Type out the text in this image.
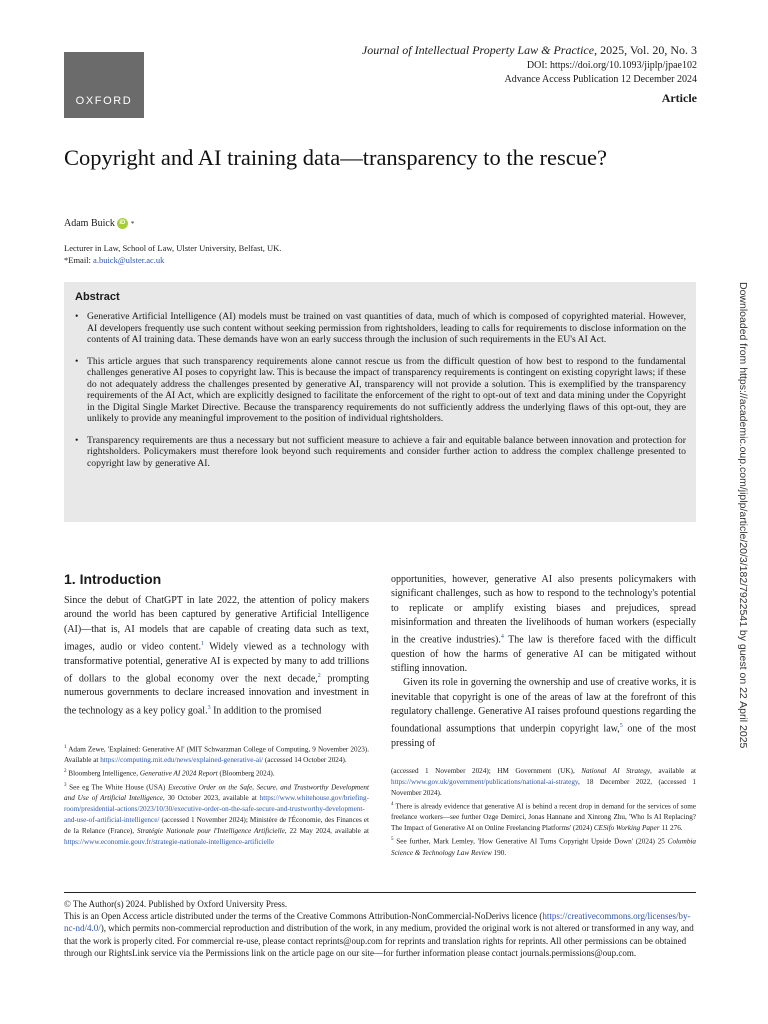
OXFORD
Journal of Intellectual Property Law & Practice, 2025, Vol. 20, No. 3
DOI: https://doi.org/10.1093/jiplp/jpae102
Advance Access Publication 12 December 2024
Article
Copyright and AI training data—transparency to the rescue?
Adam Buick iD *
Lecturer in Law, School of Law, Ulster University, Belfast, UK.
*Email: a.buick@ulster.ac.uk
Abstract
• Generative Artificial Intelligence (AI) models must be trained on vast quantities of data, much of which is composed of copyrighted material. However, AI developers frequently use such content without seeking permission from rightsholders, leading to calls for requirements to disclose information on the contents of AI training data. These demands have won an early success through the inclusion of such requirements in the EU's AI Act.
• This article argues that such transparency requirements alone cannot rescue us from the difficult question of how best to respond to the fundamental challenges generative AI poses to copyright law. This is because the impact of transparency requirements is contingent on existing copyright laws; if these do not adequately address the challenges presented by generative AI, transparency will not provide a solution. This is exemplified by the transparency requirements of the AI Act, which are explicitly designed to facilitate the enforcement of the right to opt-out of text and data mining under the Copyright in the Digital Single Market Directive. Because the transparency requirements do not sufficiently address the underlying flaws of this opt-out, they are unlikely to provide any meaningful improvement to the position of individual rightsholders.
• Transparency requirements are thus a necessary but not sufficient measure to achieve a fair and equitable balance between innovation and protection for rightsholders. Policymakers must therefore look beyond such requirements and consider further action to address the complex challenge presented to copyright law by generative AI.
1. Introduction

Since the debut of ChatGPT in late 2022, the attention of policy makers around the world has been captured by generative Artificial Intelligence (AI)—that is, AI models that are capable of creating data such as text, images, audio or video content.$^1$ Widely viewed as a technology with transformative potential, generative AI is expected by many to add trillions of dollars to the global economy over the next decade,$^2$ prompting numerous governments to declare increased innovation and investment in the technology as a key policy goal.$^3$ In addition to the promised

opportunities, however, generative AI also presents policymakers with significant challenges, such as how to respond to the technology's potential to replicate or amplify existing biases and prejudices, spread misinformation and threaten the livelihoods of human workers (especially in the creative industries).$^4$ The law is therefore faced with the difficult question of how the harms of generative AI can be mitigated without stifling innovation.

Given its role in governing the ownership and use of creative works, it is inevitable that copyright is one of the areas of law at the forefront of this regulatory challenge. Generative AI raises profound questions regarding the foundational assumptions that underpin copyright law,$^5$ one of the most pressing of

$^1$ Adam Zewe, 'Explained: Generative AI' (MIT Schwarzman College of Computing, 9 November 2023). Available at https://computing.mit.edu/news/explained-generative-ai/ (accessed 14 October 2024).

$^2$ Bloomberg Intelligence, Generative AI 2024 Report (Bloomberg 2024).

$^3$ See eg The White House (USA) Executive Order on the Safe, Secure, and Trustworthy Development and Use of Artificial Intelligence, 30 October 2023, available at https://www.whitehouse.gov/briefing-room/presidential-actions/2023/10/30/executive-order-on-the-safe-secure-and-trustworthy-development-and-use-of-artificial-intelligence/ (accessed 1 November 2024); Ministère de l'Économie, des Finances et de la Relance (France), Stratégie Nationale pour l'Intelligence Artificielle, 22 May 2024, available at https://www.economie.gouv.fr/strategie-nationale-intelligence-artificielle

(accessed 1 November 2024); HM Government (UK), National AI Strategy, available at https://www.gov.uk/government/publications/national-ai-strategy, 18 December 2022, (accessed 1 November 2024).

$^4$ There is already evidence that generative AI is behind a recent drop in demand for the services of some freelance workers—see further Ozge Demirci, Jonas Hannane and Xinrong Zhu, 'Who Is AI Replacing? The Impact of Generative AI on Online Freelancing Platforms' (2024) CESifo Working Paper 11 276.

$^5$ See further, Mark Lemley, 'How Generative AI Turns Copyright Upside Down' (2024) 25 Columbia Science & Technology Law Review 190.

© The Author(s) 2024. Published by Oxford University Press.
This is an Open Access article distributed under the terms of the Creative Commons Attribution-NonCommercial-NoDerivs licence (https://creativecommons.org/licenses/by-nc-nd/4.0/), which permits non-commercial reproduction and distribution of the work, in any medium, provided the original work is not altered or transformed in any way, and that the work is properly cited. For commercial re-use, please contact reprints@oup.com for reprints and translation rights for reprints. All other permissions can be obtained through our RightsLink service via the Permissions link on the article page on our site—for further information please contact journals.permissions@oup.com.
Downloaded from https://academic.oup.com/jiplp/article/20/3/182/7922541 by guest on 22 April 2025
